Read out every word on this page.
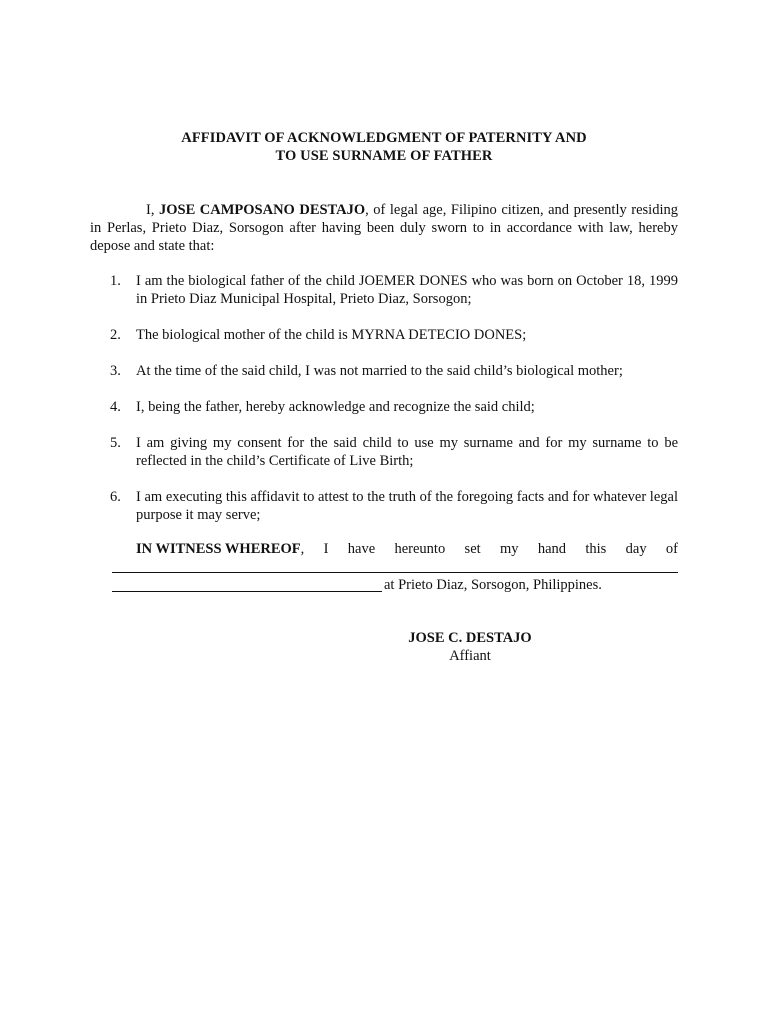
AFFIDAVIT OF ACKNOWLEDGMENT OF PATERNITY AND
TO USE SURNAME OF FATHER

I, JOSE CAMPOSANO DESTAJO, of legal age, Filipino citizen, and presently residing in Perlas, Prieto Diaz, Sorsogon after having been duly sworn to in accordance with law, hereby depose and state that:

1.	I am the biological father of the child JOEMER DONES who was born on October 18, 1999 in Prieto Diaz Municipal Hospital, Prieto Diaz, Sorsogon;
2.	The biological mother of the child is MYRNA DETECIO DONES;
3.	At the time of the said child, I was not married to the said child’s biological mother;
4.	I, being the father, hereby acknowledge and recognize the said child;
5.	I am giving my consent for the said child to use my surname and for my surname to be reflected in the child’s Certificate of Live Birth;
6.	I am executing this affidavit to attest to the truth of the foregoing facts and for whatever legal purpose it may serve;
IN WITNESS WHEREOF, I have hereunto set my hand this day of
at Prieto Diaz, Sorsogon, Philippines.
JOSE C. DESTAJO
Affiant
